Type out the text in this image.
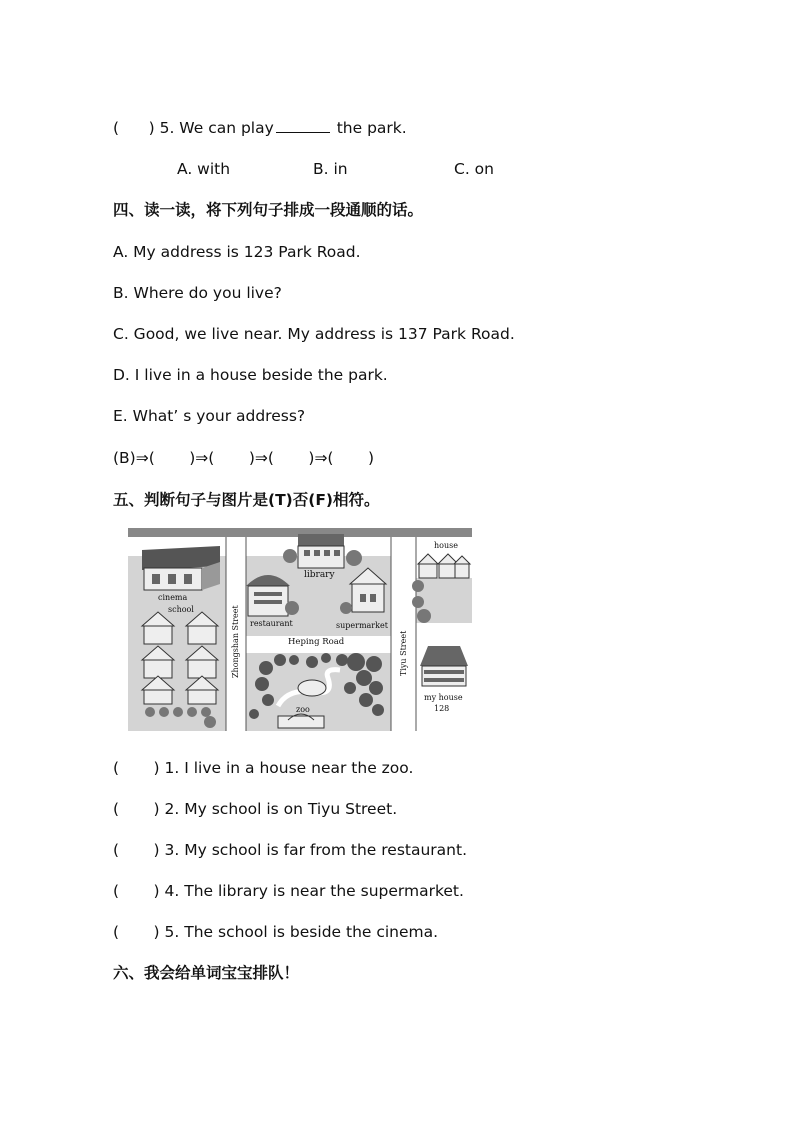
(      ) 5. We can play	the park.
A. with	B. in	C. on
四、读一读，将下列句子排成一段通顺的话。
A. My address is 123 Park Road.
B. Where do you live?
C. Good, we live near. My address is 137 Park Road.
D. I live in a house beside the park.
E. What’ s your address?
(B)⇒(       )⇒(       )⇒(       )⇒(       )
五、判断句子与图片是(T)否(F)相符。
cinema
school
library
restaurant	supermarket
Heping Road
Zhongshan Street	Tiyu Street
house
my house
128
zoo
(       ) 1. I live in a house near the zoo.
(       ) 2. My school is on Tiyu Street.
(       ) 3. My school is far from the restaurant.
(       ) 4. The library is near the supermarket.
(       ) 5. The school is beside the cinema.
六、我会给单词宝宝排队！
